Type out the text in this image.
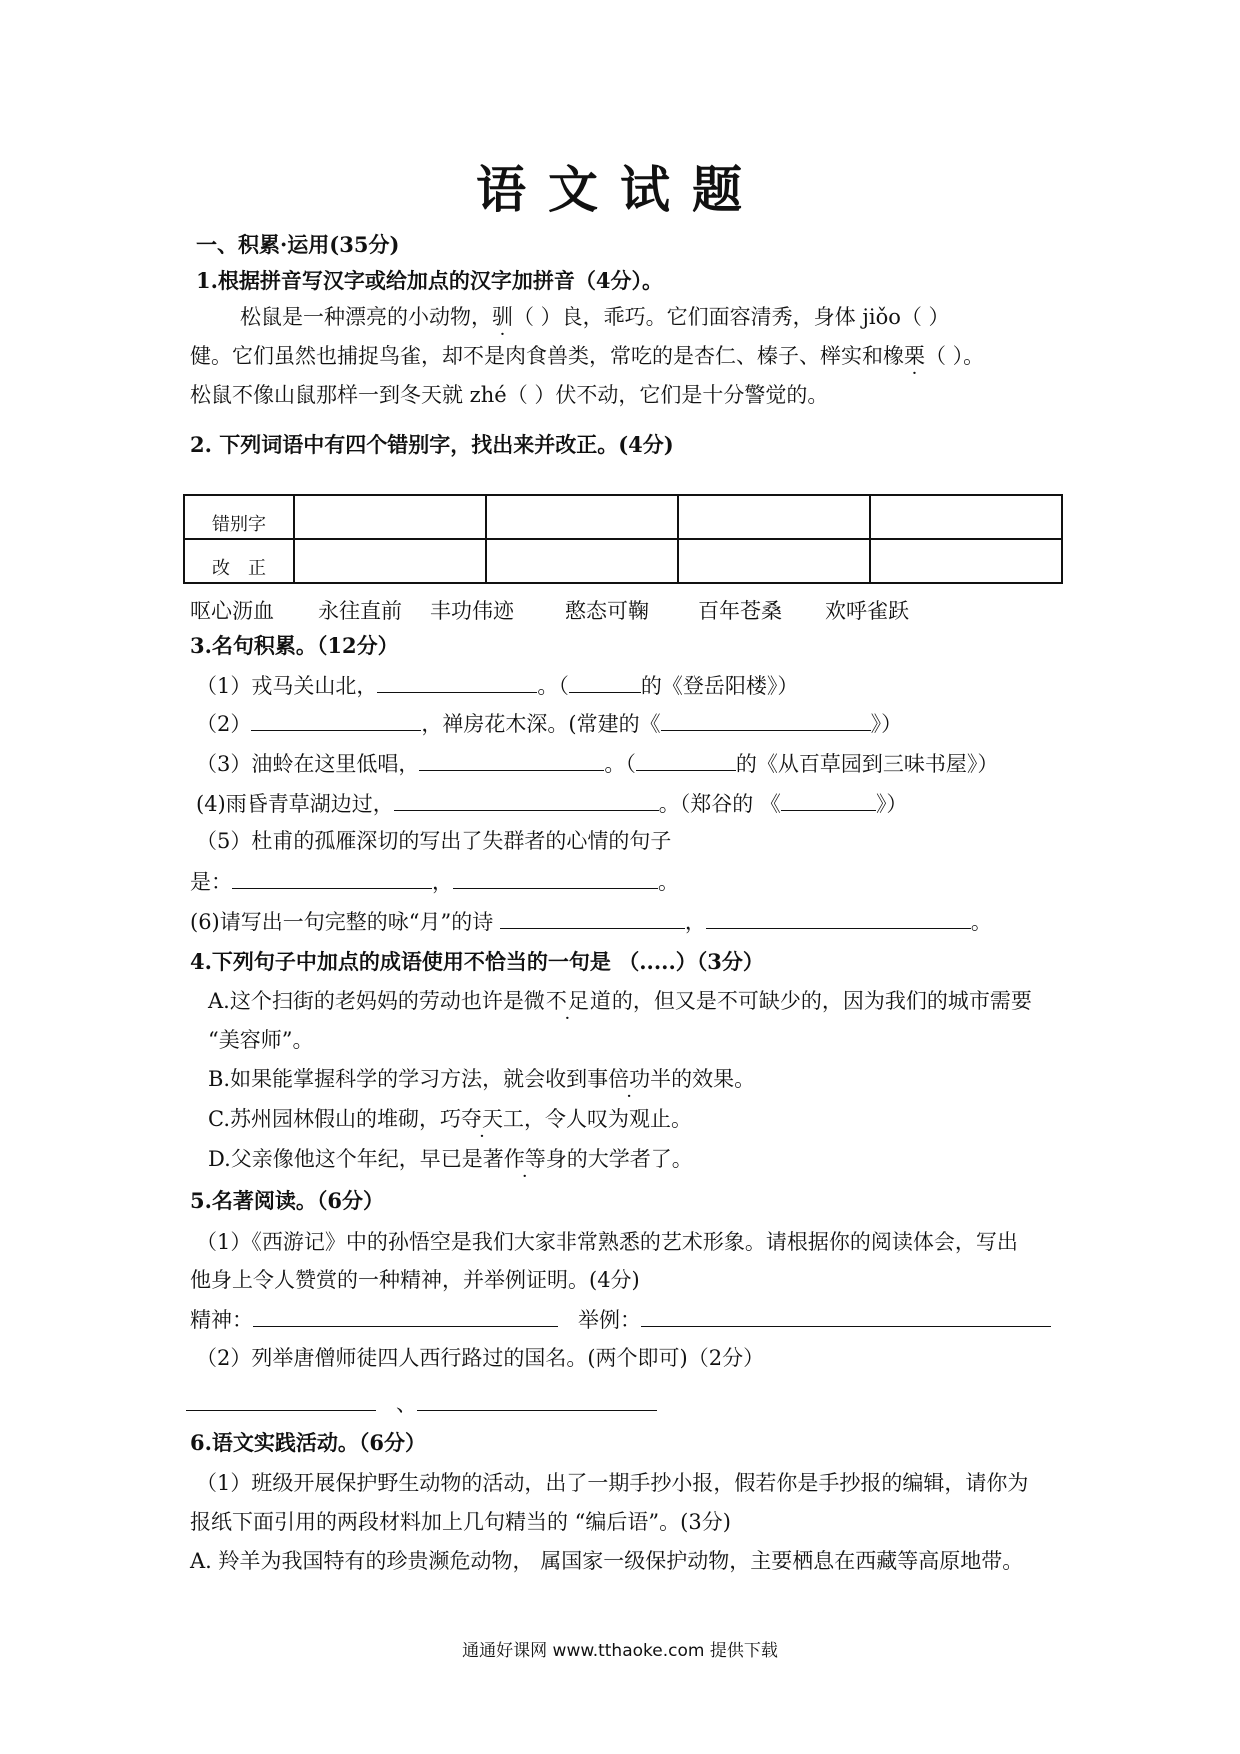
语文试题
一、积累·运用(35分)
1.根据拼音写汉字或给加点的汉字加拼音（4分）。
松鼠是一种漂亮的小动物，驯（ ）良，乖巧。它们面容清秀，身体 jiǒo（ ）
健。它们虽然也捕捉鸟雀，却不是肉食兽类，常吃的是杏仁、榛子、榉实和橡栗（ ）。
松鼠不像山鼠那样一到冬天就 zhé（ ）伏不动，它们是十分警觉的。
2. 下列词语中有四个错别字，找出来并改正。(4分)
错别字				
改　正				
呕心沥血 永往直前 丰功伟迹 憨态可鞠 百年苍桑 欢呼雀跃
3.名句积累。（12分）
（1）戎马关山北，	。（	的《登岳阳楼》）
（2）	，禅房花木深。(常建的《	》）
（3）油蛉在这里低唱，	。（	的《从百草园到三味书屋》）
(4)雨昏青草湖边过，	。（郑谷的 《	》）
（5）杜甫的孤雁深切的写出了失群者的心情的句子
是：	，	。
(6)请写出一句完整的咏“月”的诗	，	。
4.下列句子中加点的成语使用不恰当的一句是 （.....）（3分）
A.这个扫街的老妈妈的劳动也许是微不足道的，但又是不可缺少的，因为我们的城市需要
“美容师”。
B.如果能掌握科学的学习方法，就会收到事倍功半的效果。
C.苏州园林假山的堆砌，巧夺天工，令人叹为观止。
D.父亲像他这个年纪，早已是著作等身的大学者了。
5.名著阅读。（6分）
（1）《西游记》中的孙悟空是我们大家非常熟悉的艺术形象。请根据你的阅读体会，写出
他身上令人赞赏的一种精神，并举例证明。(4分)
精神：	举例：
（2）列举唐僧师徒四人西行路过的国名。(两个即可)（2分）
、
6.语文实践活动。（6分）
（1）班级开展保护野生动物的活动，出了一期手抄小报，假若你是手抄报的编辑，请你为
报纸下面引用的两段材料加上几句精当的 “编后语”。(3分)
A. 羚羊为我国特有的珍贵濒危动物， 属国家一级保护动物，主要栖息在西藏等高原地带。
通通好课网 www.tthaoke.com 提供下载
